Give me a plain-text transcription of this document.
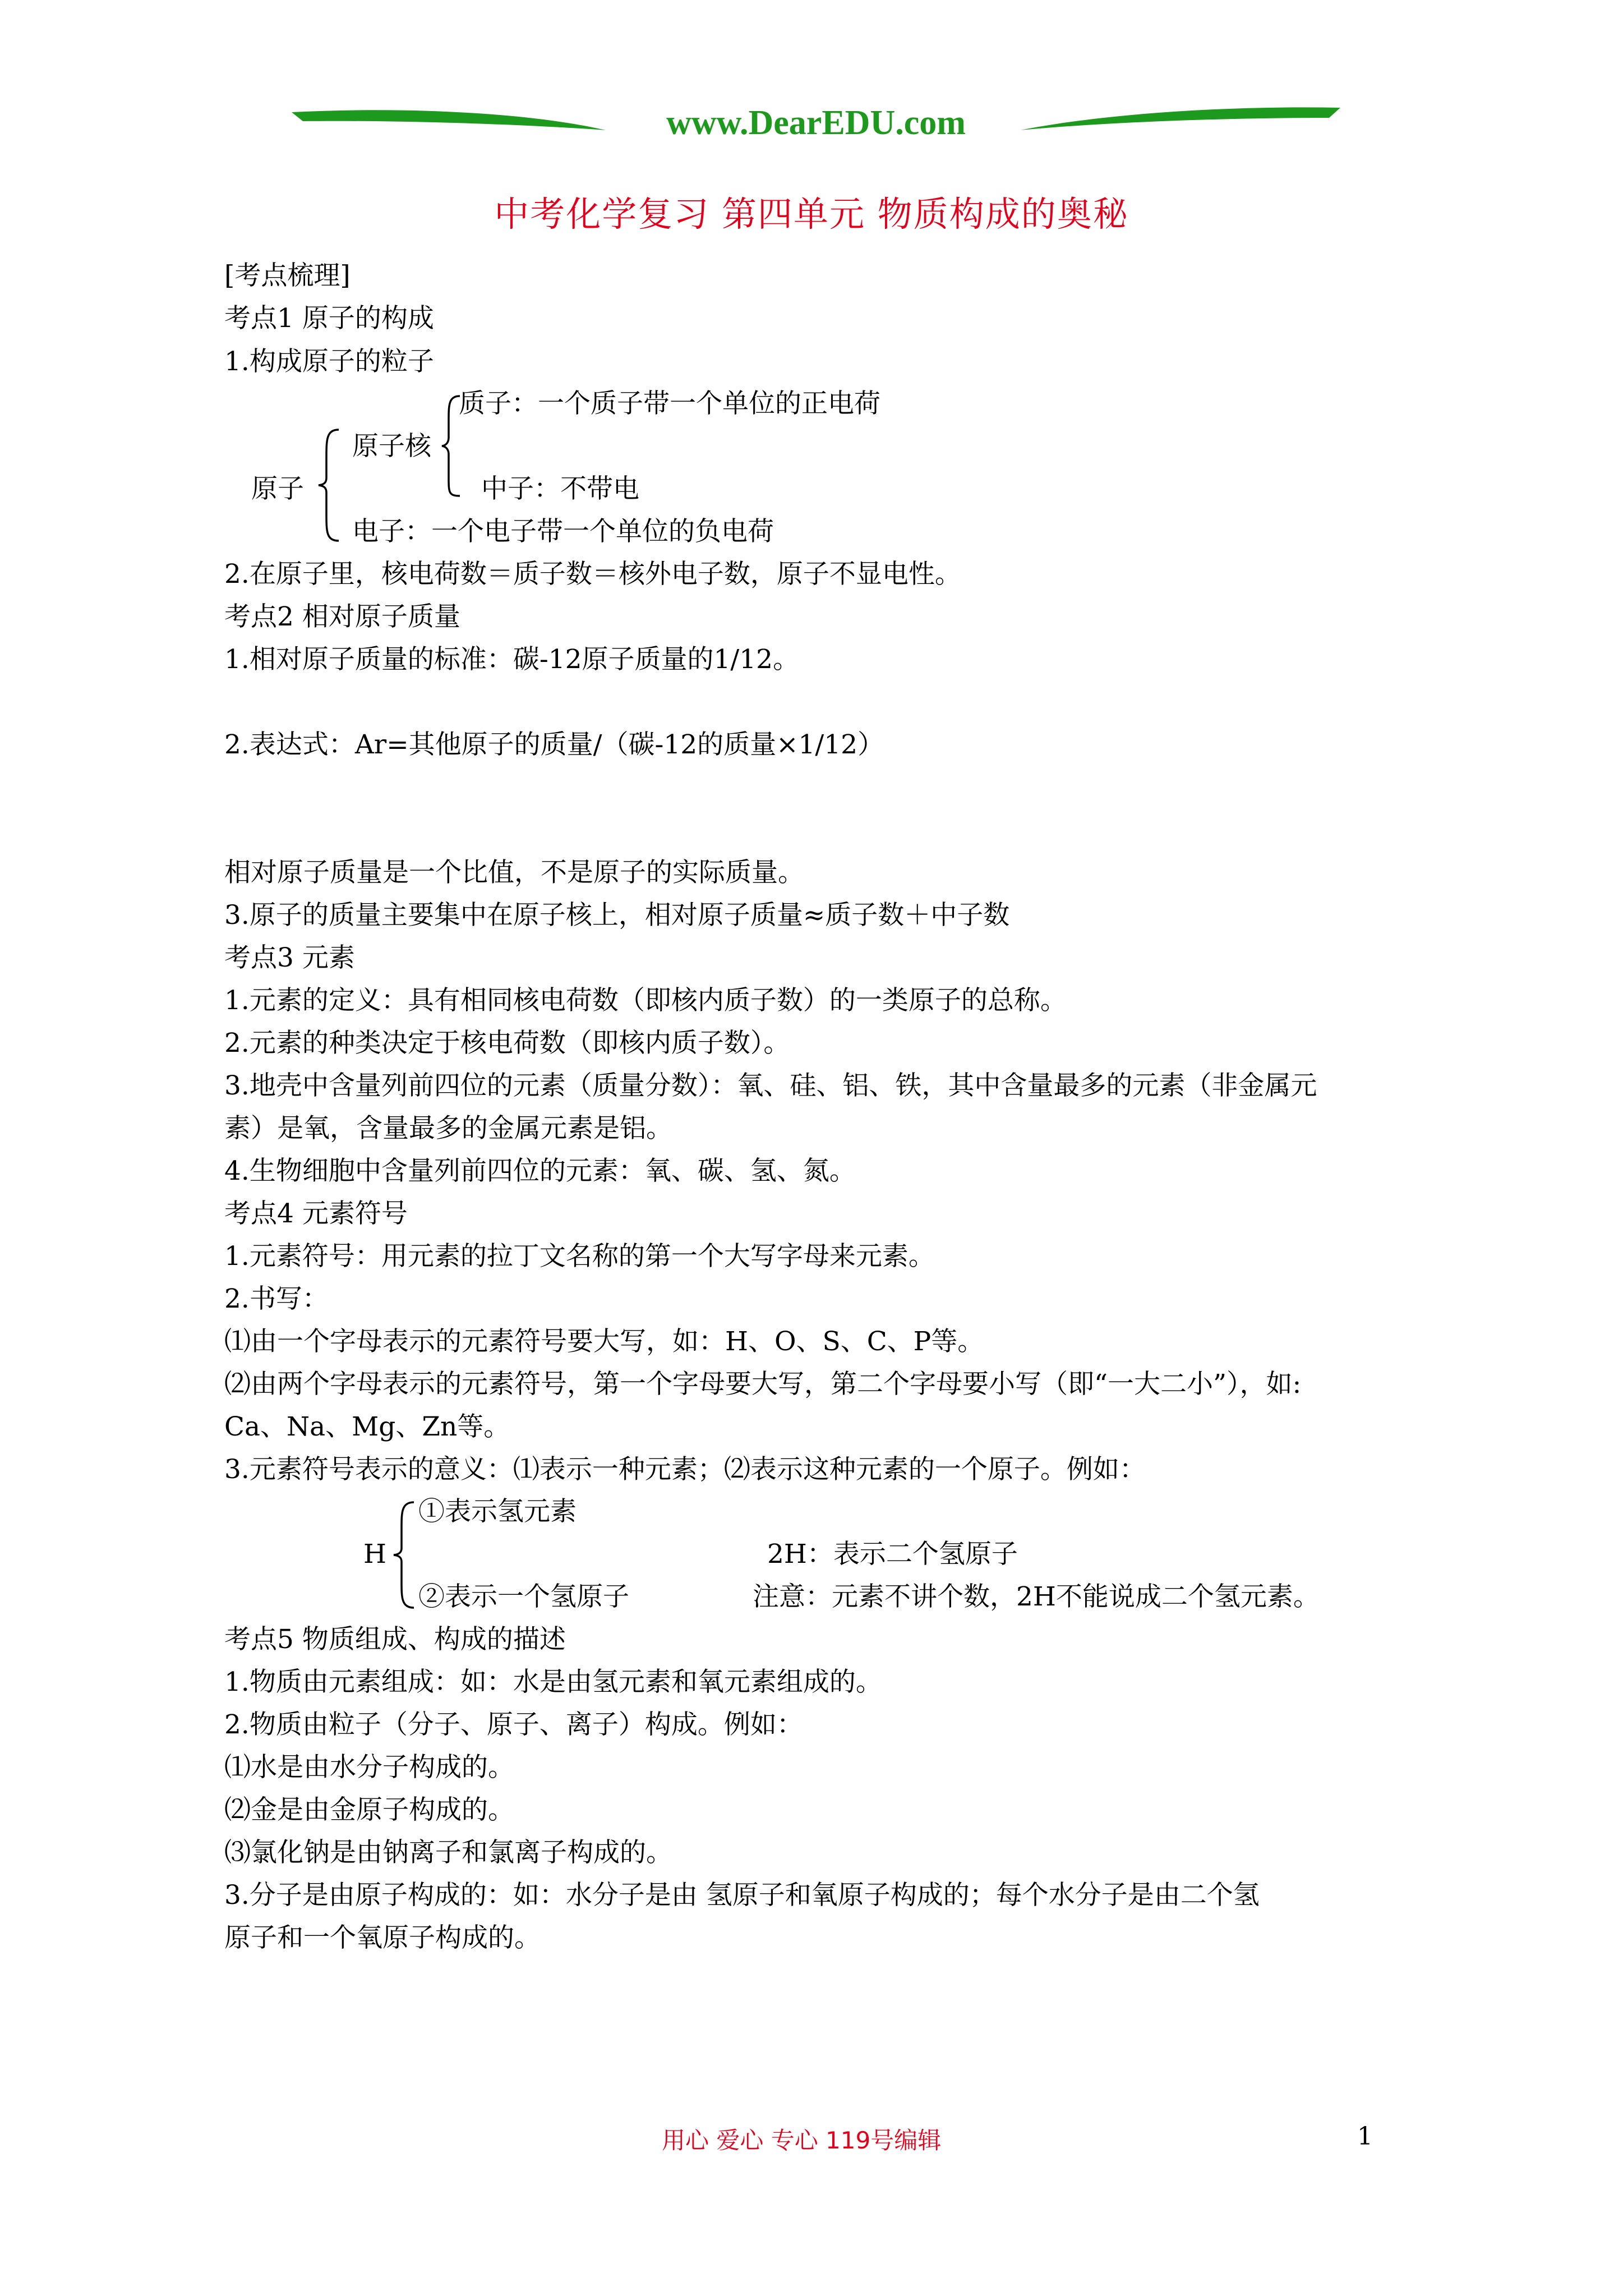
www.DearEDU.com
中考化学复习 第四单元 物质构成的奥秘
[考点梳理]
考点1 原子的构成
1.构成原子的粒子
质子：一个质子带一个单位的正电荷
原子核
原子	中子：不带电
电子：一个电子带一个单位的负电荷
2.在原子里，核电荷数＝质子数＝核外电子数，原子不显电性。
考点2 相对原子质量
1.相对原子质量的标准：碳-12原子质量的1/12。
2.表达式：Ar=其他原子的质量/（碳-12的质量×1/12）
相对原子质量是一个比值，不是原子的实际质量。
3.原子的质量主要集中在原子核上，相对原子质量≈质子数＋中子数
考点3 元素
1.元素的定义：具有相同核电荷数（即核内质子数）的一类原子的总称。
2.元素的种类决定于核电荷数（即核内质子数）。
3.地壳中含量列前四位的元素（质量分数）：氧、硅、铝、铁，其中含量最多的元素（非金属元
素）是氧，含量最多的金属元素是铝。
4.生物细胞中含量列前四位的元素：氧、碳、氢、氮。
考点4 元素符号
1.元素符号：用元素的拉丁文名称的第一个大写字母来元素。
2.书写：
⑴由一个字母表示的元素符号要大写，如：H、O、S、C、P等。
⑵由两个字母表示的元素符号，第一个字母要大写，第二个字母要小写（即“一大二小”），如:
Ca、Na、Mg、Zn等。
3.元素符号表示的意义：⑴表示一种元素；⑵表示这种元素的一个原子。例如：
①表示氢元素
H	2H：表示二个氢原子
②表示一个氢原子	注意：元素不讲个数，2H不能说成二个氢元素。
考点5 物质组成、构成的描述
1.物质由元素组成：如：水是由氢元素和氧元素组成的。
2.物质由粒子（分子、原子、离子）构成。例如：
⑴水是由水分子构成的。
⑵金是由金原子构成的。
⑶氯化钠是由钠离子和氯离子构成的。
3.分子是由原子构成的：如：水分子是由 氢原子和氧原子构成的；每个水分子是由二个氢
原子和一个氧原子构成的。
用心 爱心 专心 119号编辑	1
